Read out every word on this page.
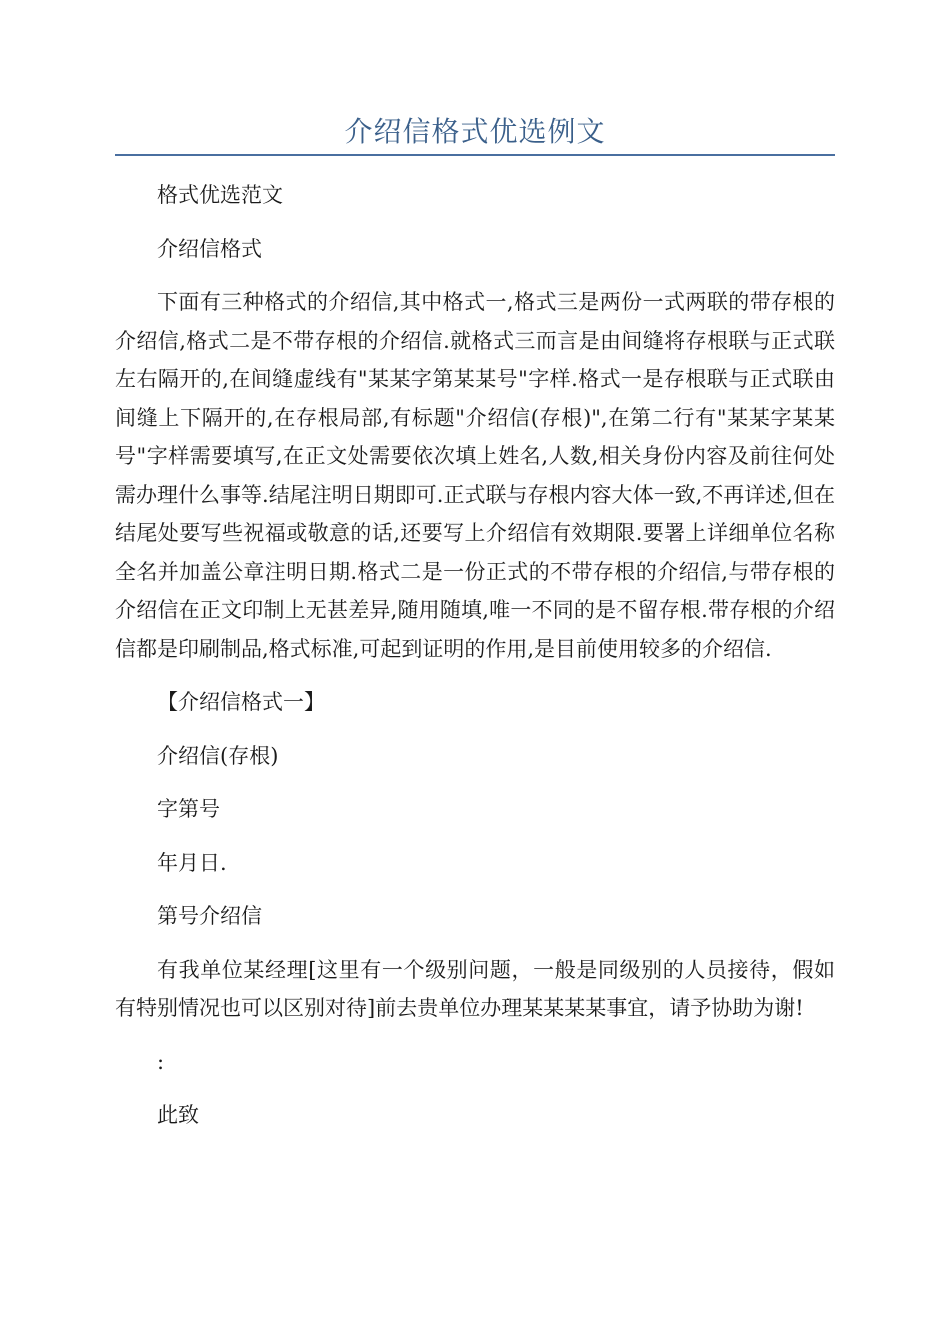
介绍信格式优选例文

格式优选范文

介绍信格式

下面有三种格式的介绍信,其中格式一,格式三是两份一式两联的带存根的介绍信,格式二是不带存根的介绍信.就格式三而言是由间缝将存根联与正式联左右隔开的,在间缝虚线有"某某字第某某号"字样.格式一是存根联与正式联由间缝上下隔开的,在存根局部,有标题"介绍信(存根)",在第二行有"某某字某某号"字样需要填写,在正文处需要依次填上姓名,人数,相关身份内容及前往何处需办理什么事等.结尾注明日期即可.正式联与存根内容大体一致,不再详述,但在结尾处要写些祝福或敬意的话,还要写上介绍信有效期限.要署上详细单位名称全名并加盖公章注明日期.格式二是一份正式的不带存根的介绍信,与带存根的介绍信在正文印制上无甚差异,随用随填,唯一不同的是不留存根.带存根的介绍信都是印刷制品,格式标准,可起到证明的作用,是目前使用较多的介绍信.

【介绍信格式一】

介绍信(存根)

字第号

年月日.

第号介绍信

有我单位某经理[这里有一个级别问题，一般是同级别的人员接待，假如有特别情况也可以区别对待]前去贵单位办理某某某某事宜，请予协助为谢!

:

此致
